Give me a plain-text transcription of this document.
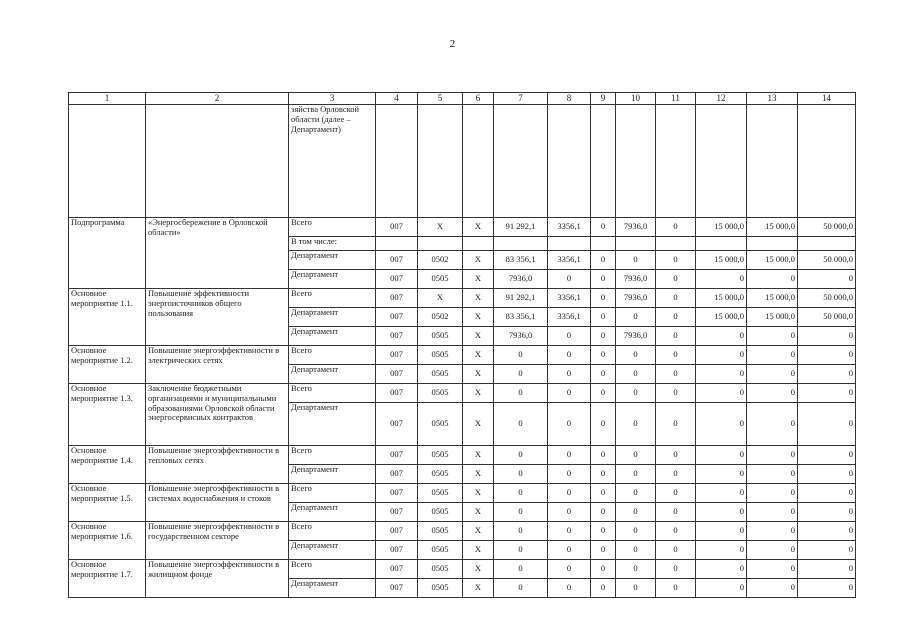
2
1	2	3	4	5	6	7	8	9	10	11	12	13	14
		зяйства Орловской области (далее – Департамент)											
Подпрограмма	«Энергосбережение в Орловской области»	Всего	007	Х	Х	91 292,1	3356,1	0	7936,0	0	15 000,0	15 000,0	50 000,0
		В том числе:											
		Департамент	007	0502	Х	83 356,1	3356,1	0	0	0	15 000,0	15 000,0	50 000,0
		Департамент	007	0505	Х	7936,0	0	0	7936,0	0	0	0	0
Основное мероприятие 1.1.	Повышение эффективности энергоисточников общего пользования	Всего	007	Х	Х	91 292,1	3356,1	0	7936,0	0	15 000,0	15 000,0	50 000,0
		Департамент	007	0502	Х	83 356,1	3356,1	0	0	0	15 000,0	15 000,0	50 000,0
		Департамент	007	0505	Х	7936,0	0	0	7936,0	0	0	0	0
Основное мероприятие 1.2.	Повышение энергоэффективности в электрических сетях	Всего	007	0505	Х	0	0	0	0	0	0	0	0
		Департамент	007	0505	Х	0	0	0	0	0	0	0	0
Основное мероприятие 1.3.	Заключение бюджетными организациями и муниципальными образованиями Орловской области энергосервисных контрактов	Всего	007	0505	Х	0	0	0	0	0	0	0	0
		Департамент	007	0505	Х	0	0	0	0	0	0	0	0
Основное мероприятие 1.4.	Повышение энергоэффективности в тепловых сетях	Всего	007	0505	Х	0	0	0	0	0	0	0	0
		Департамент	007	0505	Х	0	0	0	0	0	0	0	0
Основное мероприятие 1.5.	Повышение энергоэффективности в системах водоснабжения и стоков	Всего	007	0505	Х	0	0	0	0	0	0	0	0
		Департамент	007	0505	Х	0	0	0	0	0	0	0	0
Основное мероприятие 1.6.	Повышение энергоэффективности в государственном секторе	Всего	007	0505	Х	0	0	0	0	0	0	0	0
		Департамент	007	0505	Х	0	0	0	0	0	0	0	0
Основное мероприятие 1.7.	Повышение энергоэффективности в жилищном фонде	Всего	007	0505	Х	0	0	0	0	0	0	0	0
		Департамент	007	0505	Х	0	0	0	0	0	0	0	0
